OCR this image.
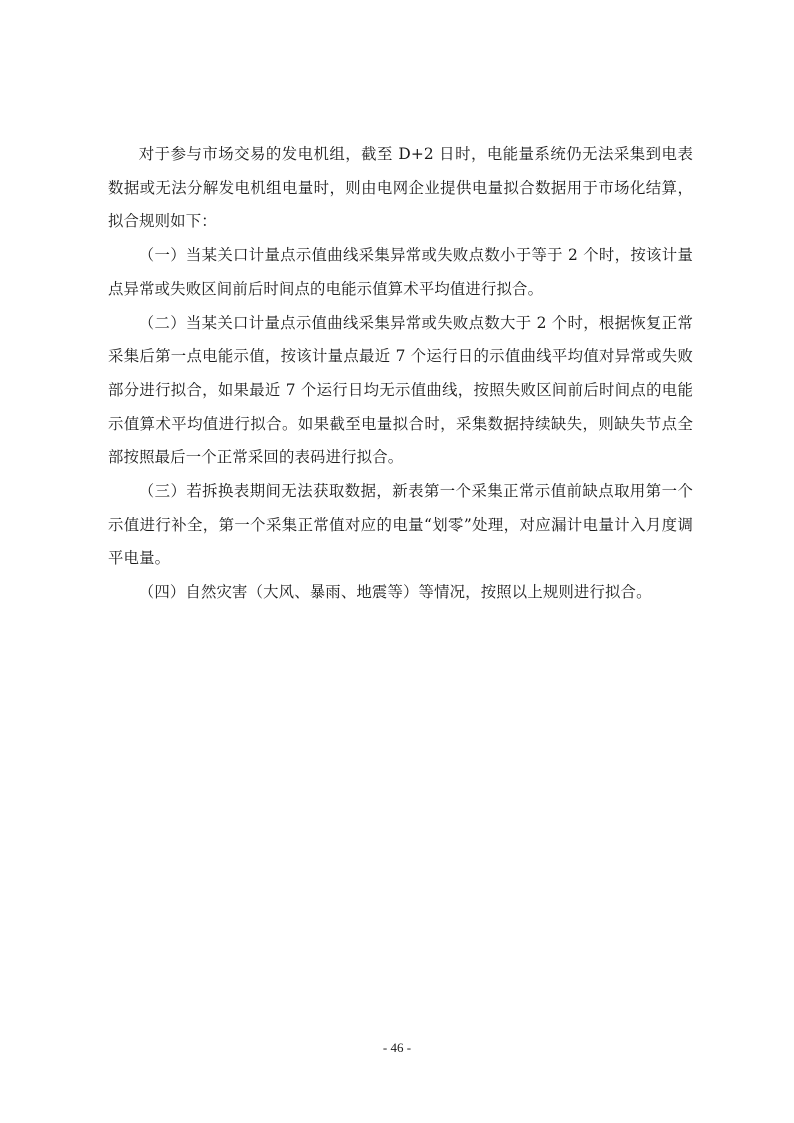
对于参与市场交易的发电机组，截至 D+2 日时，电能量系统仍无法采集到电表数据或无法分解发电机组电量时，则由电网企业提供电量拟合数据用于市场化结算，拟合规则如下：

（一）当某关口计量点示值曲线采集异常或失败点数小于等于 2 个时，按该计量点异常或失败区间前后时间点的电能示值算术平均值进行拟合。

（二）当某关口计量点示值曲线采集异常或失败点数大于 2 个时，根据恢复正常采集后第一点电能示值，按该计量点最近 7 个运行日的示值曲线平均值对异常或失败部分进行拟合，如果最近 7 个运行日均无示值曲线，按照失败区间前后时间点的电能示值算术平均值进行拟合。如果截至电量拟合时，采集数据持续缺失，则缺失节点全部按照最后一个正常采回的表码进行拟合。

（三）若拆换表期间无法获取数据，新表第一个采集正常示值前缺点取用第一个示值进行补全，第一个采集正常值对应的电量“划零”处理，对应漏计电量计入月度调平电量。

（四）自然灾害（大风、暴雨、地震等）等情况，按照以上规则进行拟合。

- 46 -
